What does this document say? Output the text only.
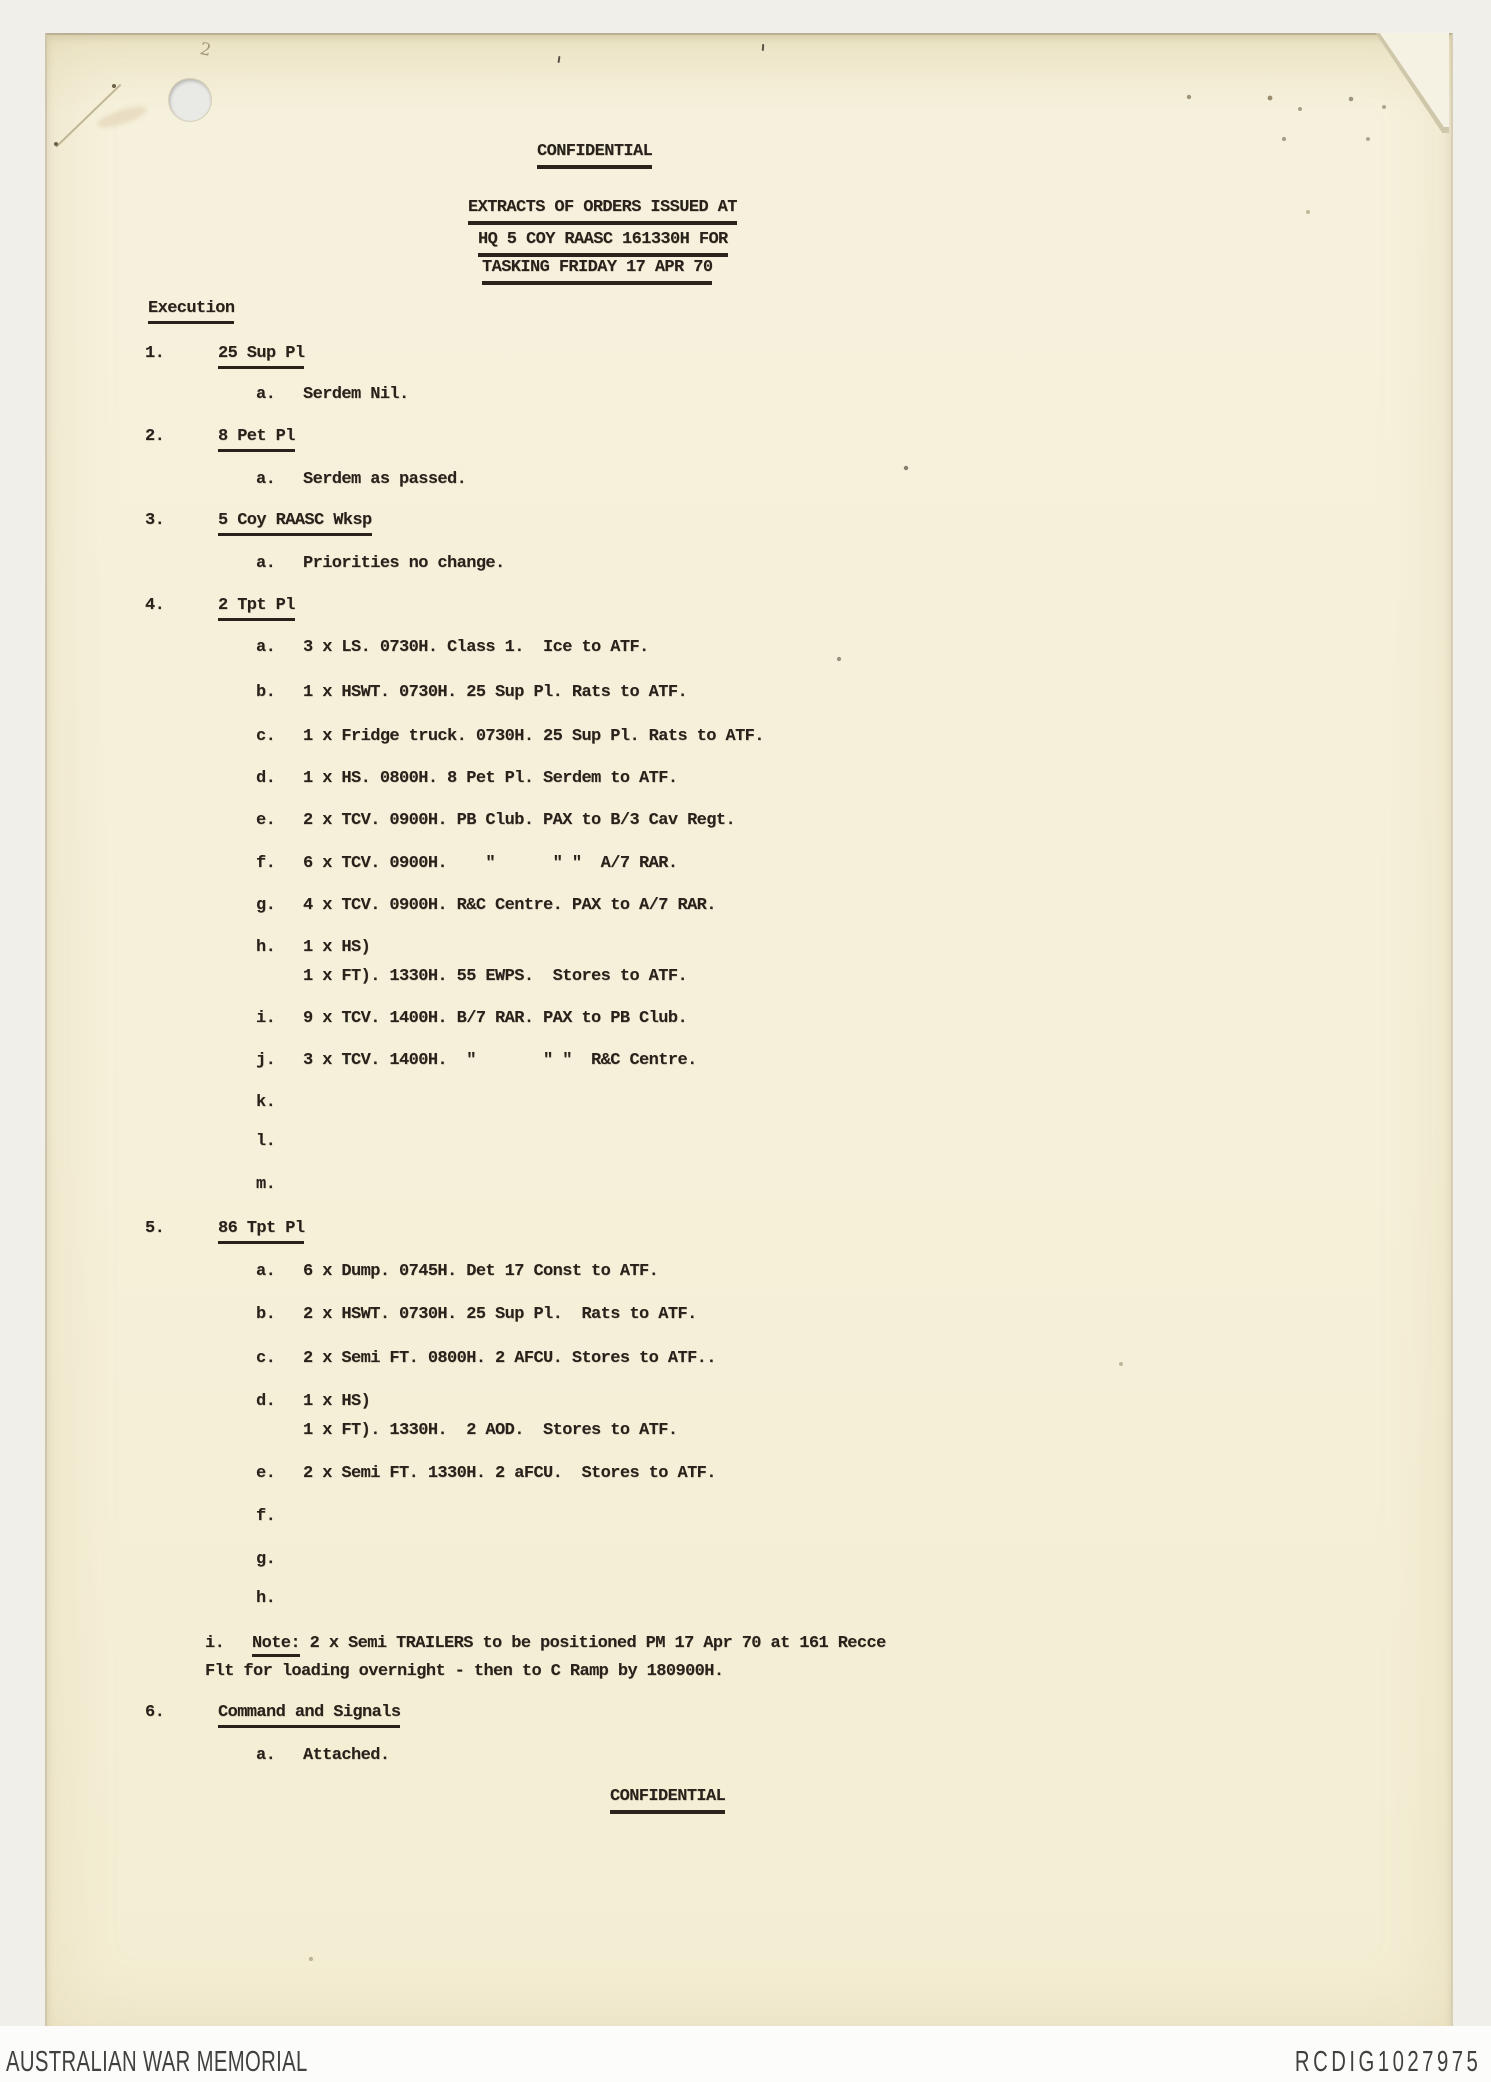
2
CONFIDENTIAL
EXTRACTS OF ORDERS ISSUED AT
HQ 5 COY RAASC 161330H FOR
TASKING FRIDAY 17 APR 70
Execution
1.	25 Sup Pl
a. Serdem Nil.
2.	8 Pet Pl
a. Serdem as passed.
3.	5 Coy RAASC Wksp
a. Priorities no change.
4.	2 Tpt Pl
a. 3 x LS. 0730H. Class 1.  Ice to ATF.
b. 1 x HSWT. 0730H. 25 Sup Pl. Rats to ATF.
c. 1 x Fridge truck. 0730H. 25 Sup Pl. Rats to ATF.
d. 1 x HS. 0800H. 8 Pet Pl. Serdem to ATF.
e. 2 x TCV. 0900H. PB Club. PAX to B/3 Cav Regt.
f. 6 x TCV. 0900H.    "      " "  A/7 RAR.
g. 4 x TCV. 0900H. R&C Centre. PAX to A/7 RAR.
h. 1 x HS)
1 x FT). 1330H. 55 EWPS.  Stores to ATF.
i. 9 x TCV. 1400H. B/7 RAR. PAX to PB Club.
j. 3 x TCV. 1400H.  "       " "  R&C Centre.
k.
l.
m.
5.	86 Tpt Pl
a. 6 x Dump. 0745H. Det 17 Const to ATF.
b. 2 x HSWT. 0730H. 25 Sup Pl.  Rats to ATF.
c. 2 x Semi FT. 0800H. 2 AFCU. Stores to ATF..
d. 1 x HS)
1 x FT). 1330H.  2 AOD.  Stores to ATF.
e. 2 x Semi FT. 1330H. 2 aFCU.  Stores to ATF.
f.
g.
h.
i. Note: 2 x Semi TRAILERS to be positioned PM 17 Apr 70 at 161 Recce
Flt for loading overnight - then to C Ramp by 180900H.
6.	Command and Signals
a. Attached.
CONFIDENTIAL
AUSTRALIAN WAR MEMORIAL	RCDIG1027975
